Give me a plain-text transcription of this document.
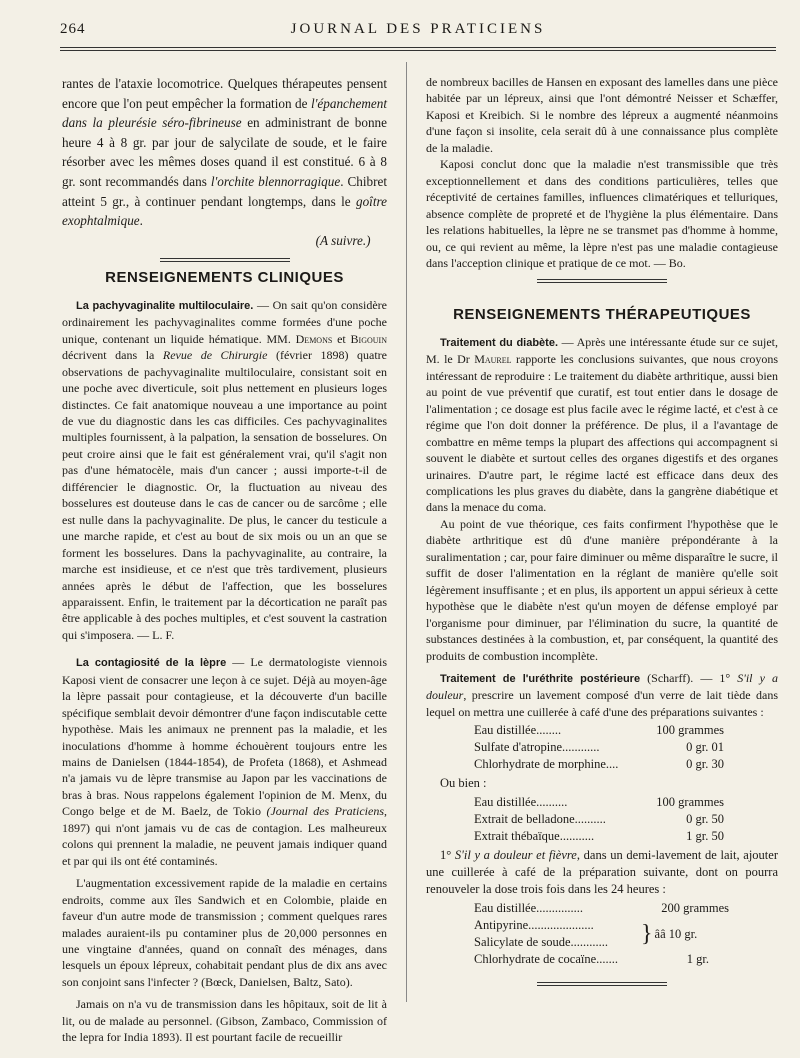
264	JOURNAL DES PRATICIENS

rantes de l'ataxie locomotrice. Quelques thérapeutes pensent encore que l'on peut empêcher la formation de l'épanchement dans la pleurésie séro-fibrineuse en administrant de bonne heure 4 à 8 gr. par jour de salycilate de soude, et le faire résorber avec les mêmes doses quand il est constitué. 6 à 8 gr. sont recommandés dans l'orchite blennorragique. Chibret atteint 5 gr., à continuer pendant longtemps, dans le goître exophtalmique.

(A suivre.)

RENSEIGNEMENTS CLINIQUES

La pachyvaginalite multiloculaire. — On sait qu'on considère ordinairement les pachyvaginalites comme formées d'une poche unique, contenant un liquide hématique. MM. Demons et Bigouin décrivent dans la Revue de Chirurgie (février 1898) quatre observations de pachyvaginalite multiloculaire, consistant soit en une poche avec diverticule, soit plus nettement en plusieurs loges distinctes. Ce fait anatomique nouveau a une importance au point de vue du diagnostic dans les cas difficiles. Ces pachyvaginalites multiples fournissent, à la palpation, la sensation de bosselures. On peut croire ainsi que le fait est généralement vrai, qu'il s'agit non pas d'une hématocèle, mais d'un cancer ; aussi importe-t-il de différencier le diagnostic. Or, la fluctuation au niveau des bosselures est douteuse dans le cas de cancer ou de sarcôme ; elle est nulle dans la pachyvaginalite. De plus, le cancer du testicule a une marche rapide, et c'est au bout de six mois ou un an que se forment les bosselures. Dans la pachyvaginalite, au contraire, la marche est insidieuse, et ce n'est que très tardivement, plusieurs années après le début de l'affection, que les bosselures apparaissent. Enfin, le traitement par la décortication ne paraît pas être applicable à des poches multiples, et c'est souvent la castration qui s'imposera. — L. F.

La contagiosité de la lèpre — Le dermatologiste viennois Kaposi vient de consacrer une leçon à ce sujet. Déjà au moyen-âge la lèpre passait pour contagieuse, et la découverte d'un bacille spécifique semblait devoir démontrer d'une façon indiscutable cette hypothèse. Mais les animaux ne prennent pas la maladie, et les inoculations d'homme à homme échouèrent toujours entre les mains de Danielsen (1844-1854), de Profeta (1868), et Ashmead n'a jamais vu de lèpre transmise au Japon par les vaccinations de bras à bras. Nous rappelons également l'opinion de M. Menx, du Congo belge et de M. Baelz, de Tokio (Journal des Praticiens, 1897) qui n'ont jamais vu de cas de contagion. Les malheureux colons qui prennent la maladie, ne peuvent jamais indiquer quand et par qui ils ont été contaminés.

L'augmentation excessivement rapide de la maladie en certains endroits, comme aux îles Sandwich et en Colombie, plaide en faveur d'un autre mode de transmission ; comment quelques rares malades auraient-ils pu contaminer plus de 20,000 personnes en une vingtaine d'années, quand on connaît des ménages, dans lesquels un époux lépreux, cohabitait pendant plus de dix ans avec son conjoint sans l'infecter ? (Bœck, Danielsen, Baltz, Sato).

Jamais on n'a vu de transmission dans les hôpitaux, soit de lit à lit, ou de malade au personnel. (Gibson, Zambaco, Commission of the lepra for India 1893). Il est pourtant facile de recueillir

de nombreux bacilles de Hansen en exposant des lamelles dans une pièce habitée par un lépreux, ainsi que l'ont démontré Neisser et Schæffer, Kaposi et Kreibich. Si le nombre des lépreux a augmenté néanmoins d'une façon si insolite, cela serait dû à une connaissance plus complète de la maladie.

Kaposi conclut donc que la maladie n'est transmissible que très exceptionnellement et dans des conditions particulières, telles que réceptivité de certaines familles, influences climatériques et telluriques, absence complète de propreté et de l'hygiène la plus élémentaire. Dans les relations habituelles, la lèpre ne se transmet pas d'homme à homme, ou, ce qui revient au même, la lèpre n'est pas une maladie contagieuse dans l'acception clinique et pratique de ce mot. — Bo.

RENSEIGNEMENTS THÉRAPEUTIQUES

Traitement du diabète. — Après une intéressante étude sur ce sujet, M. le Dr Maurel rapporte les conclusions suivantes, que nous croyons intéressant de reproduire : Le traitement du diabète arthritique, aussi bien au point de vue préventif que curatif, est tout entier dans le dosage de l'alimentation ; ce dosage est plus facile avec le régime lacté, et c'est à ce régime que l'on doit donner la préférence. De plus, il a l'avantage de combattre en même temps la plupart des affections qui accompagnent si souvent le diabète et surtout celles des organes digestifs et des organes urinaires. D'autre part, le régime lacté est efficace dans deux des complications les plus graves du diabète, dans la gangrène diabétique et dans la menace du coma.

Au point de vue théorique, ces faits confirment l'hypothèse que le diabète arthritique est dû d'une manière prépondérante à la suralimentation ; car, pour faire diminuer ou même disparaître le sucre, il suffit de doser l'alimentation en la réglant de manière qu'elle soit légèrement insuffisante ; et en plus, ils apportent un appui sérieux à cette hypothèse que le diabète n'est qu'un moyen de défense employé par l'organisme pour diminuer, par l'élimination du sucre, la quantité de substances destinées à la combustion, et, par conséquent, la quantité des produits de combustion incomplète.

Traitement de l'uréthrite postérieure (Scharff). — 1° S'il y a douleur, prescrire un lavement composé d'un verre de lait tiède dans lequel on mettra une cuillerée à café d'une des préparations suivantes :

Eau distillée........	100 grammes
Sulfate d'atropine............	0 gr. 01
Chlorhydrate de morphine....	0 gr. 30

Ou bien :

Eau distillée..........	100 grammes
Extrait de belladone..........	0 gr. 50
Extrait thébaïque...........	1 gr. 50

1° S'il y a douleur et fièvre, dans un demi-lavement de lait, ajouter une cuillerée à café de la préparation suivante, dont on pourra renouveler la dose trois fois dans les 24 heures :

Eau distillée...............	200 grammes
Antipyrine.....................
Salicylate de soude............	} ââ 10 gr.
Chlorhydrate de cocaïne.......	1 gr.
